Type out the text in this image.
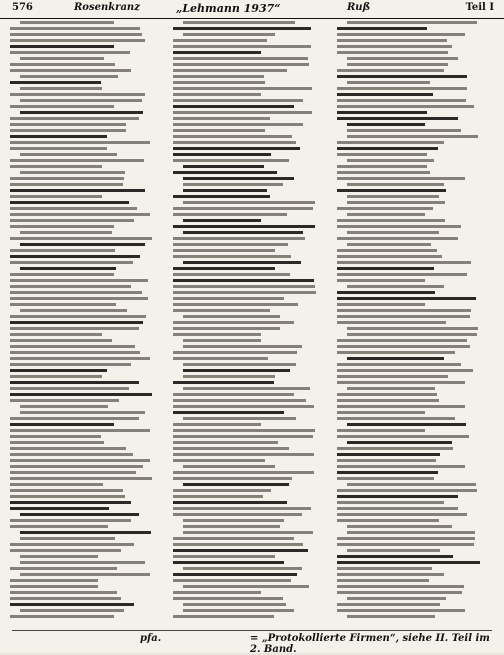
576	Rosenkranz	„Lehmann 1937“	Ruß	Teil I
pfa.	= „Protokollierte Firmen“, siehe II. Teil im 2. Band.
